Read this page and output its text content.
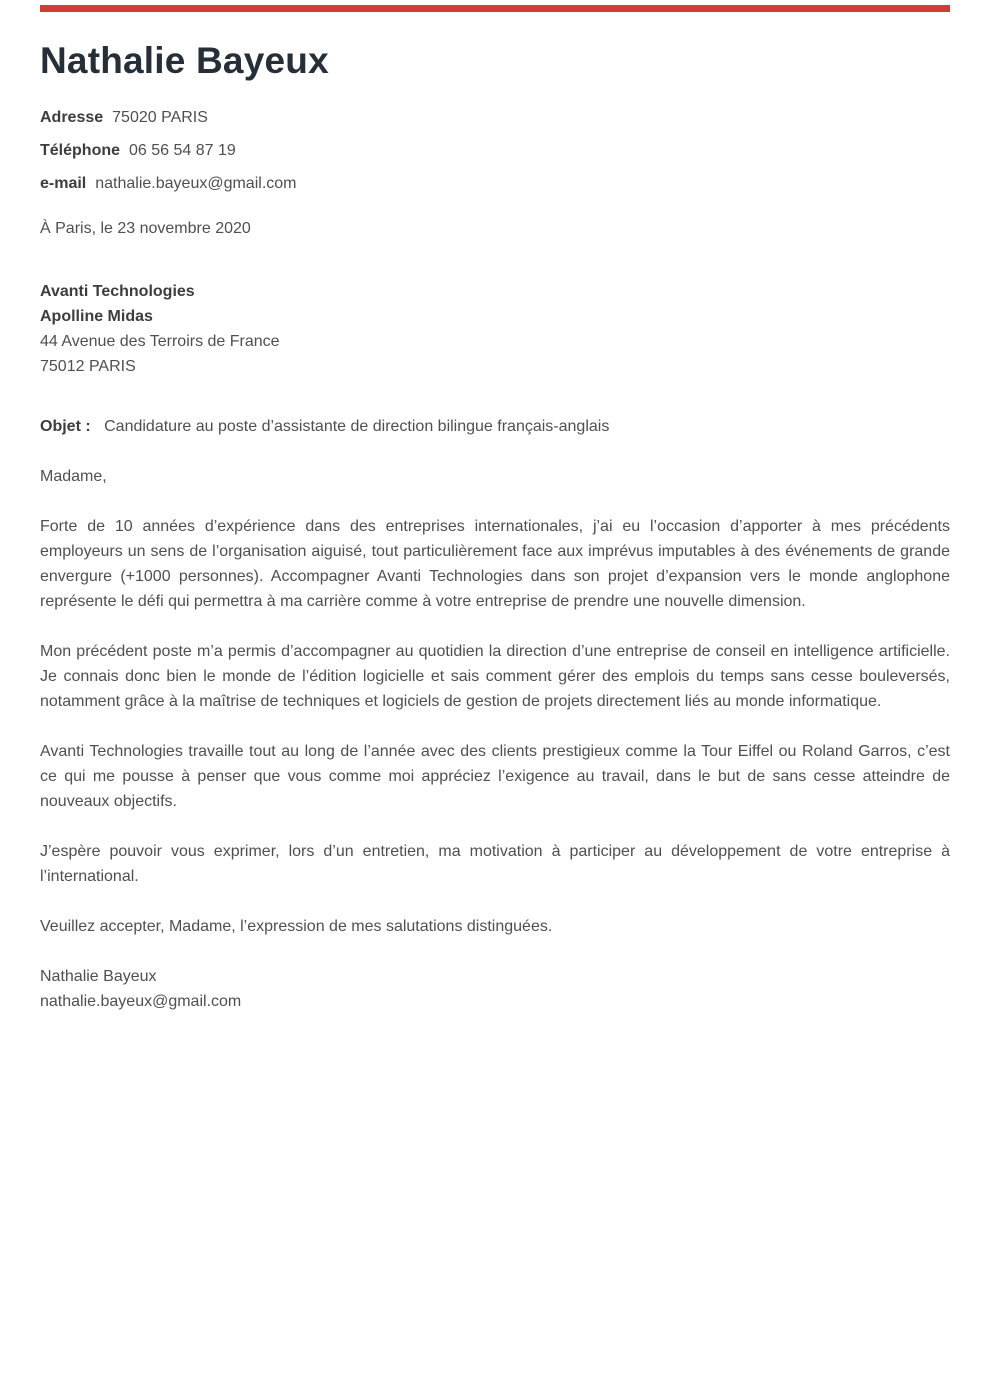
Nathalie Bayeux
Adresse 75020 PARIS
Téléphone 06 56 54 87 19
e-mail nathalie.bayeux@gmail.com

À Paris, le 23 novembre 2020

Avanti Technologies
Apolline Midas
44 Avenue des Terroirs de France
75012 PARIS

Objet : Candidature au poste d’assistante de direction bilingue français-anglais

Madame,

Forte de 10 années d’expérience dans des entreprises internationales, j’ai eu l’occasion d’apporter à mes précédents employeurs un sens de l’organisation aiguisé, tout particulièrement face aux imprévus imputables à des événements de grande envergure (+1000 personnes). Accompagner Avanti Technologies dans son projet d’expansion vers le monde anglophone représente le défi qui permettra à ma carrière comme à votre entreprise de prendre une nouvelle dimension.

Mon précédent poste m’a permis d’accompagner au quotidien la direction d’une entreprise de conseil en intelligence artificielle. Je connais donc bien le monde de l’édition logicielle et sais comment gérer des emplois du temps sans cesse bouleversés, notamment grâce à la maîtrise de techniques et logiciels de gestion de projets directement liés au monde informatique.

Avanti Technologies travaille tout au long de l’année avec des clients prestigieux comme la Tour Eiffel ou Roland Garros, c’est ce qui me pousse à penser que vous comme moi appréciez l’exigence au travail, dans le but de sans cesse atteindre de nouveaux objectifs.

J’espère pouvoir vous exprimer, lors d’un entretien, ma motivation à participer au développement de votre entreprise à l’international.

Veuillez accepter, Madame, l’expression de mes salutations distinguées.

Nathalie Bayeux
nathalie.bayeux@gmail.com
